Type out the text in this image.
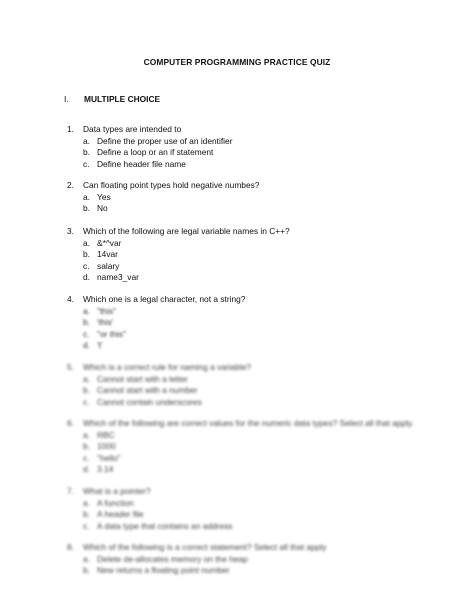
COMPUTER PROGRAMMING PRACTICE QUIZ
I. MULTIPLE CHOICE
1. Data types are intended to
a. Define the proper use of an identifier
b. Define a loop or an if statement
c. Define header file name
2. Can floating point types hold negative numbes?
a. Yes
b. No
3. Which of the following are legal variable names in C++?
a. &*^var
b. 14var
c. salary
d. name3_var
4. Which one is a legal character, not a string?
a. "this"
b. 'this'
c. "or this"
d. 't'
5. Which is a correct rule for naming a variable?
a. Cannot start with a letter
b. Cannot start with a number
c. Cannot contain underscores
6. Which of the following are correct values for the numeric data types? Select all that apply.
a. RBC
b. 1000
c. "hello"
d. 3.14
7. What is a pointer?
a. A function
b. A header file
c. A data type that contains an address
8. Which of the following is a correct statement? Select all that apply
a. Delete de-allocates memory on the heap
b. New returns a floating point number
